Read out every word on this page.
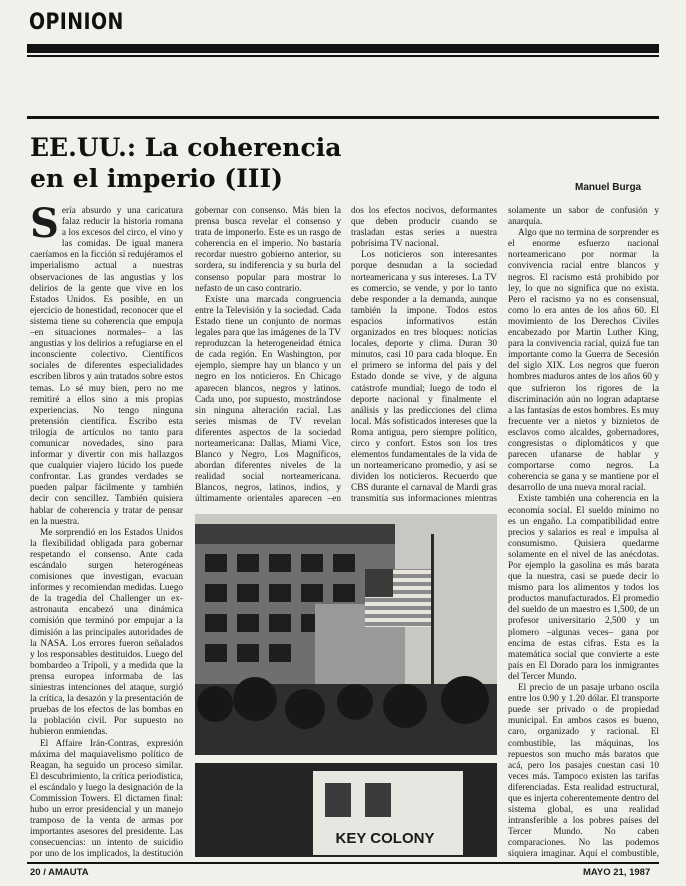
OPINION
EE.UU.: La coherencia
en el imperio (III)	Manuel Burga
S ería absurdo y una caricatura falaz reducir la historia romana a los excesos del circo, el vino y las comidas. De igual manera caeríamos en la ficción si redujéramos el imperialismo actual a nuestras observaciones de las angustias y los delirios de la gente que vive en los Estados Unidos. Es posible, en un ejercicio de honestidad, reconocer que el sistema tiene su coherencia que empuja –en situaciones normales– a las angustias y los delirios a refugiarse en el inconsciente colectivo. Científicos sociales de diferentes especialidades escriben libros y aún tratados sobre estos temas. Lo sé muy bien, pero no me remitiré a ellos sino a mis propias experiencias. No tengo ninguna pretensión científica. Escribo esta trilogía de artículos no tanto para comunicar novedades, sino para informar y divertir con mis hallazgos que cualquier viajero lúcido los puede confrontar. Las grandes verdades se pueden palpar fácilmente y también decir con sencillez. También quisiera hablar de coherencia y tratar de pensar en la nuestra.

Me sorprendió en los Estados Unidos la flexibilidad obligada para gobernar respetando el consenso. Ante cada escándalo surgen heterogéneas comisiones que investigan, evacuan informes y recomiendan medidas. Luego de la tragedia del Challenger un ex-astronauta encabezó una dinámica comisión que terminó por empujar a la dimisión a las principales autoridades de la NASA. Los errores fueron señalados y los responsables destituidos. Luego del bombardeo a Trípoli, y a medida que la prensa europea informaba de las siniestras intenciones del ataque, surgió la crítica, la desazón y la presentación de pruebas de los efectos de las bombas en la población civil. Por supuesto no hubieron enmiendas.

El Affaire Irán-Contras, expresión máxima del maquiavelismo político de Reagan, ha seguido un proceso similar. El descubrimiento, la crítica periodística, el escándalo y luego la designación de la Commission Towers. El dictamen final: hubo un error presidencial y un manejo tramposo de la venta de armas por importantes asesores del presidente. Las consecuencias: un intento de suicidio por uno de los implicados, la destitución

gobernar con consenso. Más bien la prensa busca revelar el consenso y trata de imponerlo. Este es un rasgo de coherencia en el imperio. No bastaría recordar nuestro gobierno anterior, su sordera, su indiferencia y su burla del consenso popular para mostrar lo nefasto de un caso contrario.

Existe una marcada congruencia entre la Televisión y la sociedad. Cada Estado tiene un conjunto de normas legales para que las imágenes de la TV reproduzcan la heterogeneidad étnica de cada región. En Washington, por ejemplo, siempre hay un blanco y un negro en los noticieros. En Chicago aparecen blancos, negros y latinos. Cada uno, por supuesto, mostrándose sin ninguna alteración racial. Las series mismas de TV revelan diferentes aspectos de la sociedad norteamericana: Dallas, Miami Vice, Blanco y Negro, Los Magníficos, abordan diferentes niveles de la realidad social norteamericana. Blancos, negros, latinos, indios, y últimamente orientales aparecen –en

dos los efectos nocivos, deformantes que deben producir cuando se trasladan estas series a nuestra pobrísima TV nacional.

Los noticieros son interesantes porque desnudan a la sociedad norteamericana y sus intereses. La TV es comercio, se vende, y por lo tanto debe responder a la demanda, aunque también la impone. Todos estos espacios informativos están organizados en tres bloques: noticias locales, deporte y clima. Duran 30 minutos, casi 10 para cada bloque. En el primero se informa del país y del Estado donde se vive, y de alguna catástrofe mundial; luego de todo el deporte nacional y finalmente el análisis y las predicciones del clima local. Más sofisticados intereses que la Roma antigua, pero siempre político, circo y confort. Estos son los tres elementos fundamentales de la vida de un norteamericano promedio, y así se dividen los noticieros. Recuerdo que CBS durante el carnaval de Mardi gras transmitía sus informaciones mientras

solamente un sabor de confusión y anarquía.

Algo que no termina de sorprender es el enorme esfuerzo nacional norteamericano por normar la convivencia racial entre blancos y negros. El racismo está prohibido por ley, lo que no significa que no exista. Pero el racismo ya no es consensual, como lo era antes de los años 60. El movimiento de los Derechos Civiles encabezado por Martin Luther King, para la convivencia racial, quizá fue tan importante como la Guerra de Secesión del siglo XIX. Los negros que fueron hombres maduros antes de los años 60 y que sufrieron los rigores de la discriminación aún no logran adaptarse a las fantasías de estos hombres. Es muy frecuente ver a nietos y biznietos de esclavos como alcaldes, gobernadores, congresistas o diplomáticos y que parecen ufanarse de hablar y comportarse como negros. La coherencia se gana y se mantiene por el desarrollo de una nueva moral racial.

Existe también una coherencia en la economía social. El sueldo mínimo no es un engaño. La compatibilidad entre precios y salarios es real e impulsa al consumismo. Quisiera quedarme solamente en el nivel de las anécdotas. Por ejemplo la gasolina es más barata que la nuestra, casi se puede decir lo mismo para los alimentos y todos los productos manufacturados. El promedio del sueldo de un maestro es 1,500, de un profesor universitario 2,500 y un plomero –algunas veces– gana por encima de estas cifras. Esta es la matemática social que convierte a este país en El Dorado para los inmigrantes del Tercer Mundo.

El precio de un pasaje urbano oscila entre los 0.90 y 1.20 dólar. El transporte puede ser privado o de propiedad municipal. En ambos casos es bueno, caro, organizado y racional. El combustible, las máquinas, los repuestos son mucho más baratos que acá, pero los pasajes cuestan casi 10 veces más. Tampoco existen las tarifas diferenciadas. Esta realidad estructural, que es injerta coherentemente dentro del sistema global, es una realidad intransferible a los pobres países del Tercer Mundo. No caben comparaciones. No las podemos siquiera imaginar. Aquí el combustible,

KEY COLONY
20 / AMAUTA	MAYO 21, 1987
